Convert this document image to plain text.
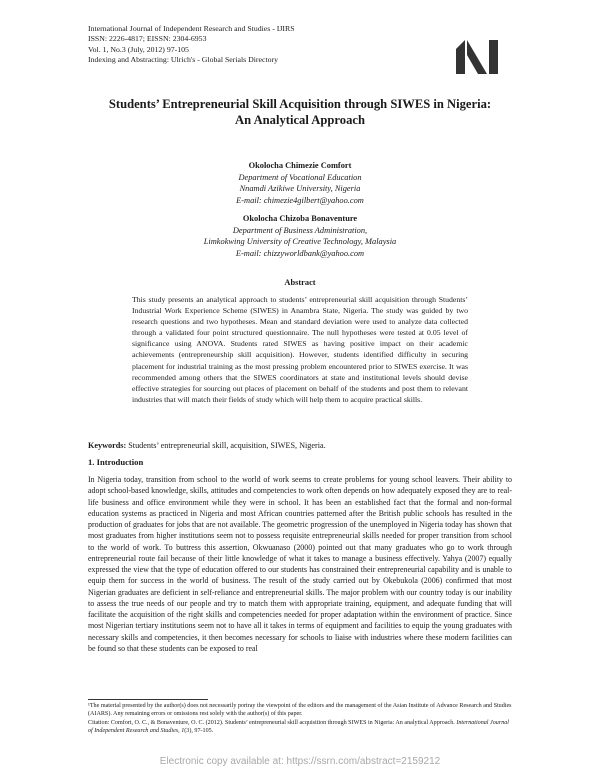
International Journal of Independent Research and Studies - IJIRS
ISSN: 2226-4817; EISSN: 2304-6953
Vol. 1, No.3 (July, 2012) 97-105
Indexing and Abstracting: Ulrich's - Global Serials Directory
Students’ Entrepreneurial Skill Acquisition through SIWES in Nigeria:
An Analytical Approach
Okolocha Chimezie Comfort
Department of Vocational Education
Nnamdi Azikiwe University, Nigeria
E-mail: chimezie4gilbert@yahoo.com
Okolocha Chizoba Bonaventure
Department of Business Administration,
Limkokwing University of Creative Technology, Malaysia
E-mail: chizzyworldbank@yahoo.com
Abstract
This study presents an analytical approach to students’ entrepreneurial skill acquisition through Students’ Industrial Work Experience Scheme (SIWES) in Anambra State, Nigeria. The study was guided by two research questions and two hypotheses. Mean and standard deviation were used to analyze data collected through a validated four point structured questionnaire. The null hypotheses were tested at 0.05 level of significance using ANOVA. Students rated SIWES as having positive impact on their academic achievements (entrepreneurship skill acquisition). However, students identified difficulty in securing placement for industrial training as the most pressing problem encountered prior to SIWES exercise. It was recommended among others that the SIWES coordinators at state and institutional levels should devise effective strategies for sourcing out places of placement on behalf of the students and post them to relevant industries that will match their fields of study which will help them to acquire practical skills.
Keywords: Students’ entrepreneurial skill, acquisition, SIWES, Nigeria.
1. Introduction
In Nigeria today, transition from school to the world of work seems to create problems for young school leavers. Their ability to adopt school-based knowledge, skills, attitudes and competencies to work often depends on how adequately exposed they are to real-life business and office environment while they were in school. It has been an established fact that the formal and non-formal education systems as practiced in Nigeria and most African countries patterned after the British public schools has resulted in the production of graduates for jobs that are not available. The geometric progression of the unemployed in Nigeria today has shown that most graduates from higher institutions seem not to possess requisite entrepreneurial skills needed for proper transition from school to the world of work. To buttress this assertion, Okwuanaso (2000) pointed out that many graduates who go to work through entrepreneurial route fail because of their little knowledge of what it takes to manage a business effectively. Yahya (2007) equally expressed the view that the type of education offered to our students has constrained their entrepreneurial capability and is unable to equip them for success in the world of business. The result of the study carried out by Okebukola (2006) confirmed that most Nigerian graduates are deficient in self-reliance and entrepreneurial skills. The major problem with our country today is our inability to assess the true needs of our people and try to match them with appropriate training, equipment, and adequate funding that will facilitate the acquisition of the right skills and competencies needed for proper adaptation within the environment of practice. Since most Nigerian tertiary institutions seem not to have all it takes in terms of equipment and facilities to equip the young graduates with necessary skills and competencies, it then becomes necessary for schools to liaise with industries where these modern facilities can be found so that these students can be exposed to real
¹The material presented by the author(s) does not necessarily portray the viewpoint of the editors and the management of the Asian Institute of Advance Research and Studies (AIARS). Any remaining errors or omissions rest solely with the author(s) of this paper.
Citation: Comfort, O. C., & Bonaventure, O. C. (2012). Students’ entrepreneurial skill acquisition through SIWES in Nigeria: An analytical Approach. International Journal of Independent Research and Studies, 1(3), 97-105.
Electronic copy available at: https://ssrn.com/abstract=2159212
